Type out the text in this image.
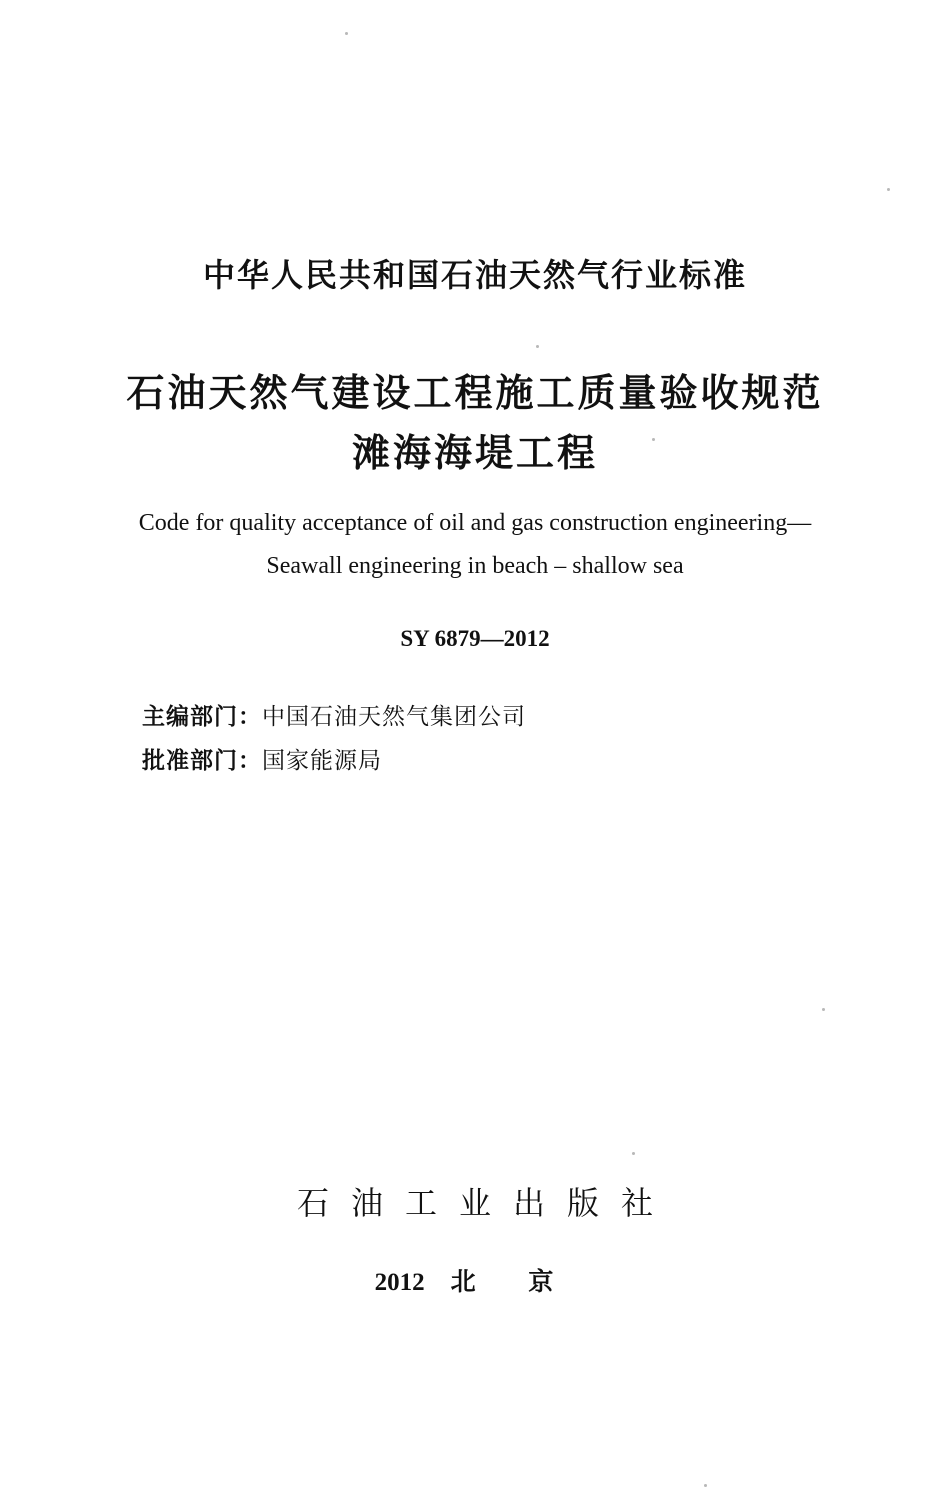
中华人民共和国石油天然气行业标准
石油天然气建设工程施工质量验收规范
滩海海堤工程
Code for quality acceptance of oil and gas construction engineering—
Seawall engineering in beach – shallow sea
SY 6879—2012
主编部门：中国石油天然气集团公司
批准部门：国家能源局
石油工业出版社
2012 北 京
